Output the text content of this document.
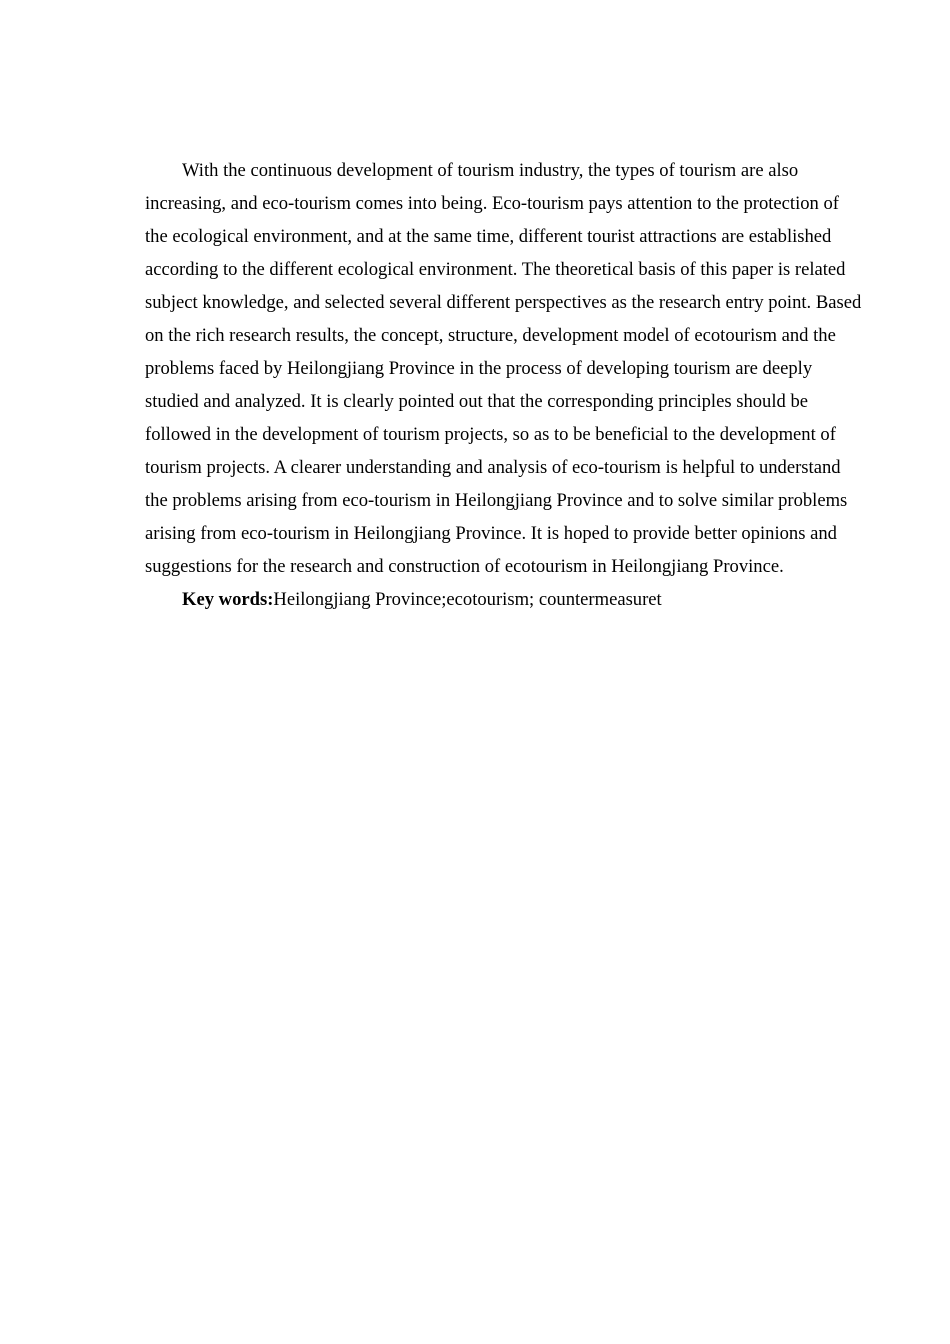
With the continuous development of tourism industry, the types of tourism are also increasing, and eco-tourism comes into being. Eco-tourism pays attention to the protection of the ecological environment, and at the same time, different tourist attractions are established according to the different ecological environment. The theoretical basis of this paper is related subject knowledge, and selected several different perspectives as the research entry point. Based on the rich research results, the concept, structure, development model of ecotourism and the problems faced by Heilongjiang Province in the process of developing tourism are deeply studied and analyzed. It is clearly pointed out that the corresponding principles should be followed in the development of tourism projects, so as to be beneficial to the development of tourism projects. A clearer understanding and analysis of eco-tourism is helpful to understand the problems arising from eco-tourism in Heilongjiang Province and to solve similar problems arising from eco-tourism in Heilongjiang Province. It is hoped to provide better opinions and suggestions for the research and construction of ecotourism in Heilongjiang Province.

Key words:Heilongjiang Province;ecotourism; countermeasuret
